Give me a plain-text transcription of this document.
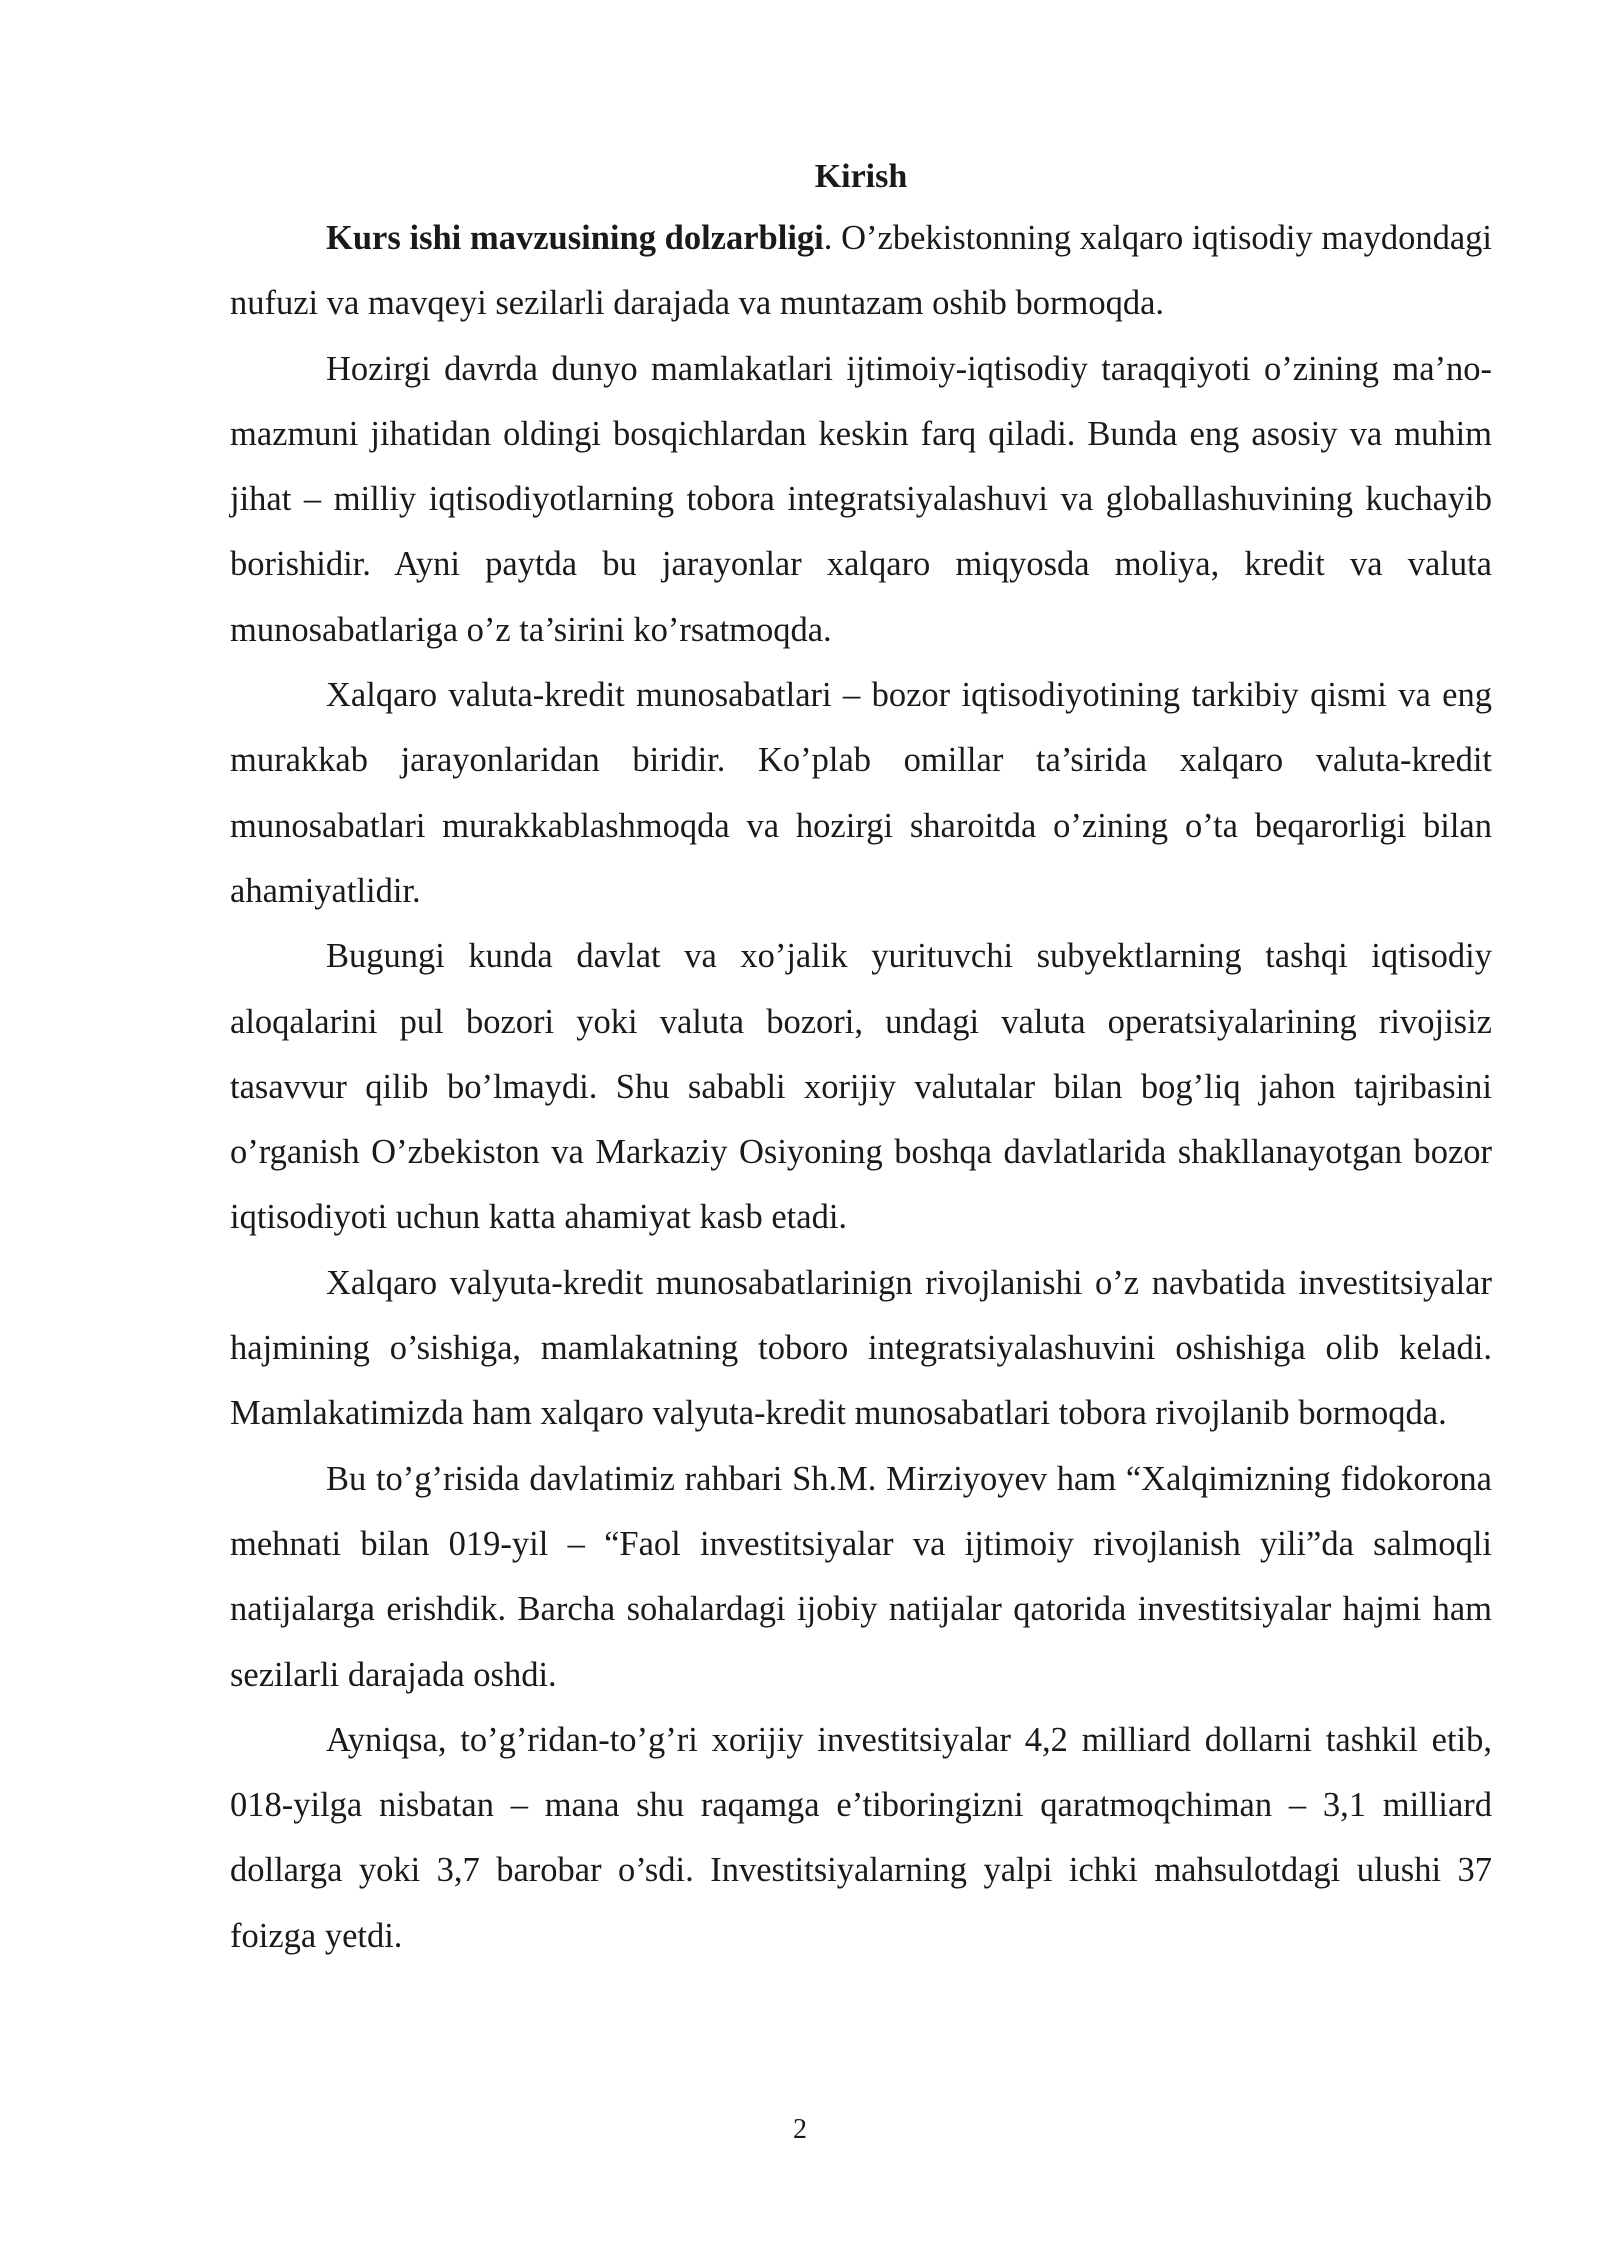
Kirish

Kurs ishi mavzusining dolzarbligi. O’zbekistonning xalqaro iqtisodiy maydondagi nufuzi va mavqeyi sezilarli darajada va muntazam oshib bormoqda.

Hozirgi davrda dunyo mamlakatlari ijtimoiy-iqtisodiy taraqqiyoti o’zining ma’no-mazmuni jihatidan oldingi bosqichlardan keskin farq qiladi. Bunda eng asosiy va muhim jihat – milliy iqtisodiyotlarning tobora integratsiyalashuvi va globallashuvining kuchayib borishidir. Ayni paytda bu jarayonlar xalqaro miqyosda moliya, kredit va valuta munosabatlariga o’z ta’sirini ko’rsatmoqda.

Xalqaro valuta-kredit munosabatlari – bozor iqtisodiyotining tarkibiy qismi va eng murakkab jarayonlaridan biridir. Ko’plab omillar ta’sirida xalqaro valuta-kredit munosabatlari murakkablashmoqda va hozirgi sharoitda o’zining o’ta beqarorligi bilan ahamiyatlidir.

Bugungi kunda davlat va xo’jalik yurituvchi subyektlarning tashqi iqtisodiy aloqalarini pul bozori yoki valuta bozori, undagi valuta operatsiyalarining rivojisiz tasavvur qilib bo’lmaydi. Shu sababli xorijiy valutalar bilan bog’liq jahon tajribasini o’rganish O’zbekiston va Markaziy Osiyoning boshqa davlatlarida shakllanayotgan bozor iqtisodiyoti uchun katta ahamiyat kasb etadi.

Xalqaro valyuta-kredit munosabatlarinign rivojlanishi o’z navbatida investitsiyalar hajmining o’sishiga, mamlakatning toboro integratsiyalashuvini oshishiga olib keladi. Mamlakatimizda ham xalqaro valyuta-kredit munosabatlari tobora rivojlanib bormoqda.

Bu to’g’risida davlatimiz rahbari Sh.M. Mirziyoyev ham “Xalqimizning fidokorona mehnati bilan 019-yil – “Faol investitsiyalar va ijtimoiy rivojlanish yili”da salmoqli natijalarga erishdik. Barcha sohalardagi ijobiy natijalar qatorida investitsiyalar hajmi ham sezilarli darajada oshdi.

Ayniqsa, to’g’ridan-to’g’ri xorijiy investitsiyalar 4,2 milliard dollarni tashkil etib, 018-yilga nisbatan – mana shu raqamga e’tiboringizni qaratmoqchiman – 3,1 milliard dollarga yoki 3,7 barobar o’sdi. Investitsiyalarning yalpi ichki mahsulotdagi ulushi 37 foizga yetdi.

2
